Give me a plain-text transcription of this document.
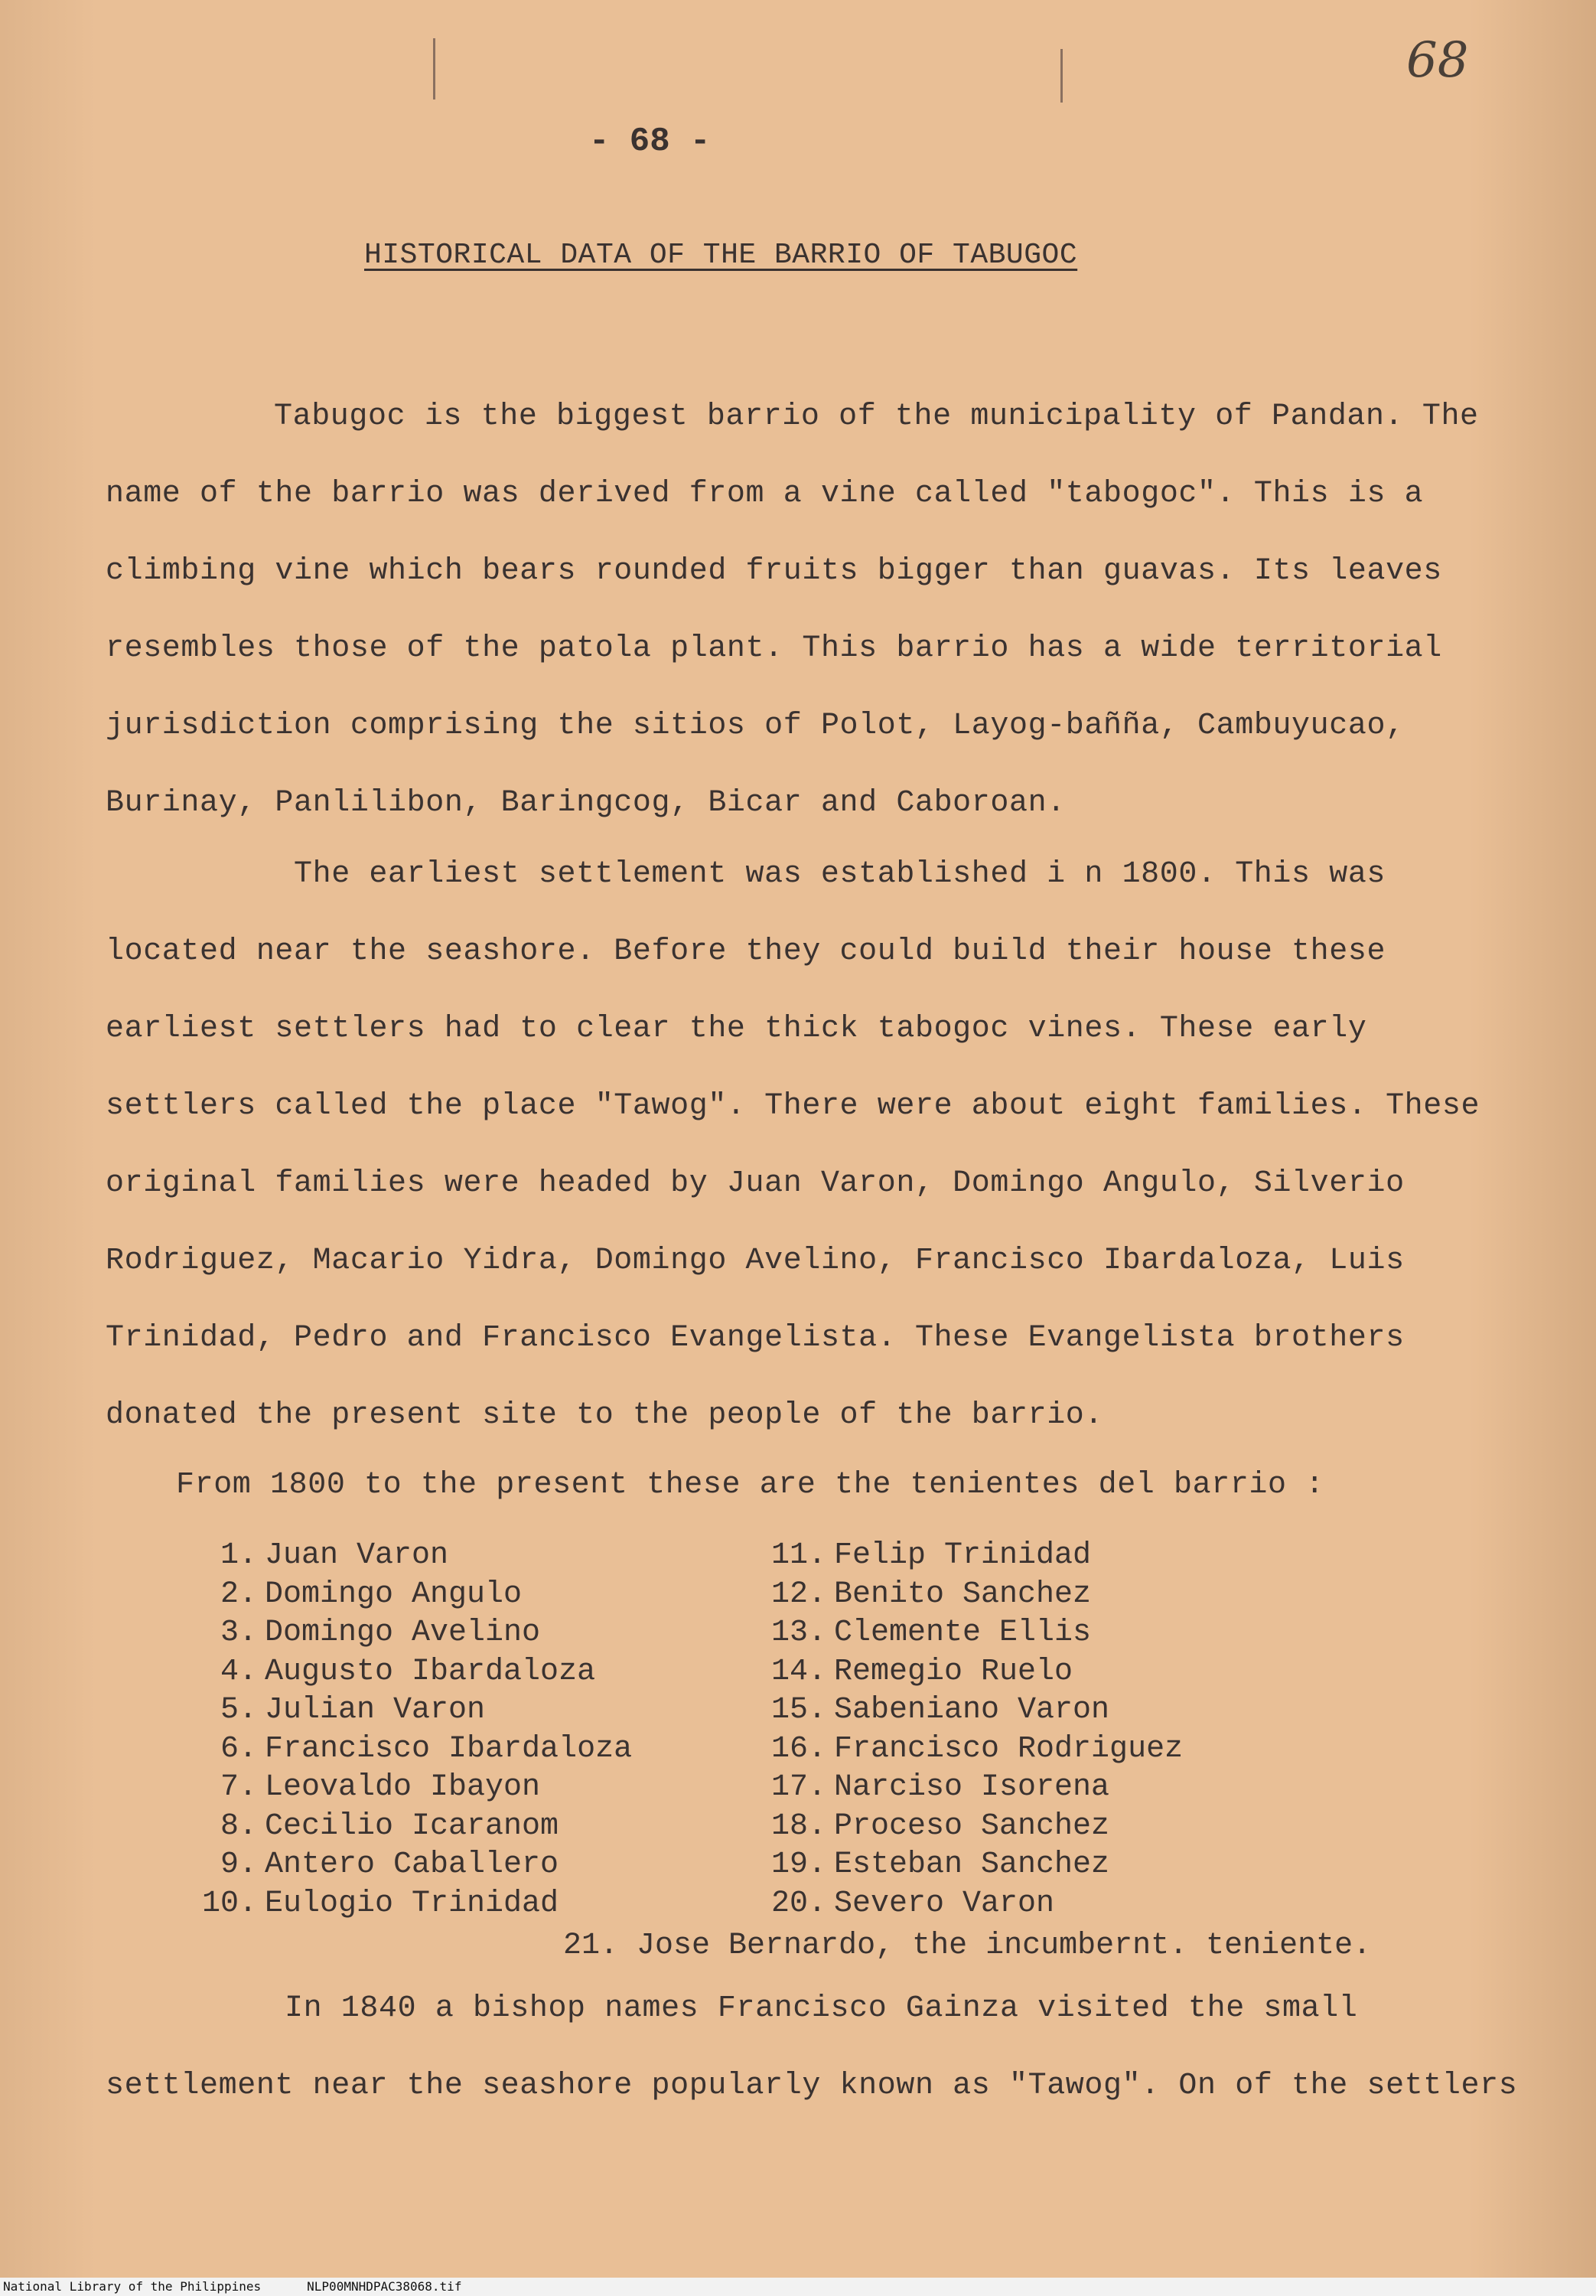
68
- 68 -
HISTORICAL DATA OF THE BARRIO OF TABUGOC

Tabugoc is the biggest barrio of the municipality of Pandan. The name of the barrio was derived from a vine called "tabogoc". This is a climbing vine which bears rounded fruits bigger than guavas. Its leaves resembles those of the patola plant. This barrio has a wide territorial jurisdiction comprising the sitios of Polot, Layog-bañña, Cambuyucao, Burinay, Panlilibon, Baringcog, Bicar and Caboroan.

The earliest settlement was established i n 1800. This was located near the seashore. Before they could build their house these earliest settlers had to clear the thick tabogoc vines. These early settlers called the place "Tawog". There were about eight families. These original families were headed by Juan Varon, Domingo Angulo, Silverio Rodriguez, Macario Yidra, Domingo Avelino, Francisco Ibardaloza, Luis Trinidad, Pedro and Francisco Evangelista. These Evangelista brothers donated the present site to the people of the barrio.

From 1800 to the present these are the tenientes del barrio :

1. Juan Varon
2. Domingo Angulo
3. Domingo Avelino
4. Augusto Ibardaloza
5. Julian Varon
6. Francisco Ibardaloza
7. Leovaldo Ibayon
8. Cecilio Icaranom
9. Antero Caballero
10. Eulogio Trinidad
11. Felip Trinidad
12. Benito Sanchez
13. Clemente Ellis
14. Remegio Ruelo
15. Sabeniano Varon
16. Francisco Rodriguez
17. Narciso Isorena
18. Proceso Sanchez
19. Esteban Sanchez
20. Severo Varon
21. Jose Bernardo, the incumbernt. teniente.

In 1840 a bishop names Francisco Gainza visited the small settlement near the seashore popularly known as "Tawog". On of the settlers

National Library of the Philippines	NLP00MNHDPAC38068.tif
